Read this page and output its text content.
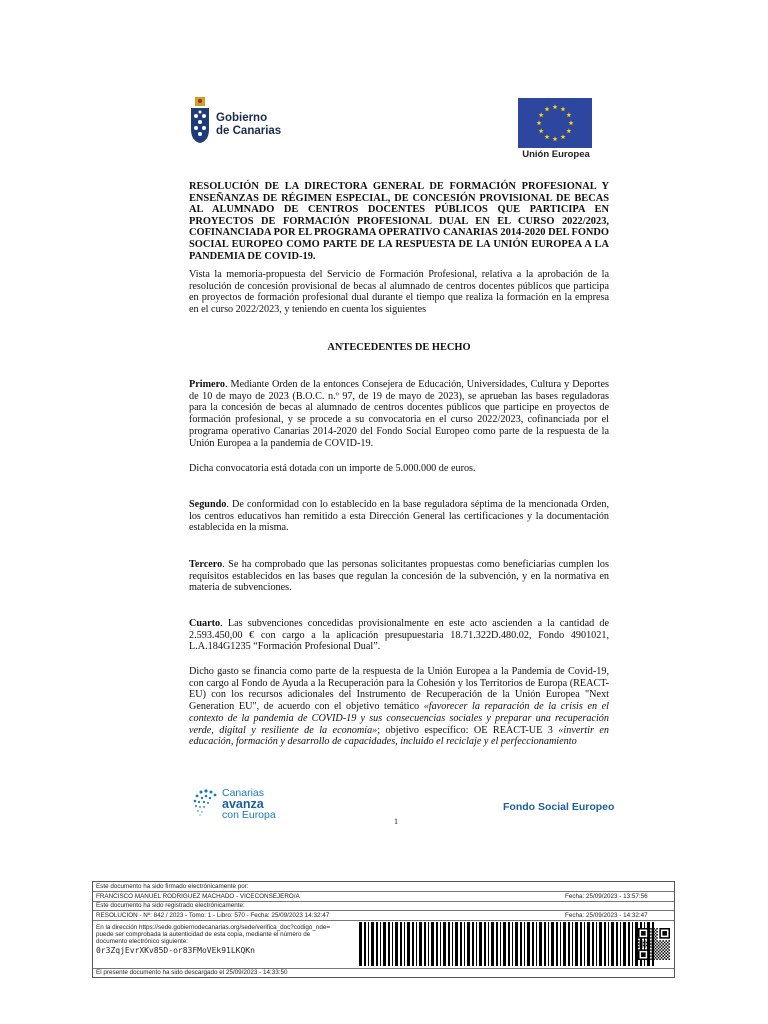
Gobierno
de Canarias
Unión Europea
RESOLUCIÓN DE LA DIRECTORA GENERAL DE FORMACIÓN PROFESIONAL Y ENSEÑANZAS DE RÉGIMEN ESPECIAL, DE CONCESIÓN PROVISIONAL DE BECAS AL ALUMNADO DE CENTROS DOCENTES PÚBLICOS QUE PARTICIPA EN PROYECTOS DE FORMACIÓN PROFESIONAL DUAL EN EL CURSO 2022/2023, COFINANCIADA POR EL PROGRAMA OPERATIVO CANARIAS 2014-2020 DEL FONDO SOCIAL EUROPEO COMO PARTE DE LA RESPUESTA DE LA UNIÓN EUROPEA A LA PANDEMIA DE COVID-19.
Vista la memoria-propuesta del Servicio de Formación Profesional, relativa a la aprobación de la resolución de concesión provisional de becas al alumnado de centros docentes públicos que participa en proyectos de formación profesional dual durante el tiempo que realiza la formación en la empresa en el curso 2022/2023, y teniendo en cuenta los siguientes
ANTECEDENTES DE HECHO
Primero. Mediante Orden de la entonces Consejera de Educación, Universidades, Cultura y Deportes de 10 de mayo de 2023 (B.O.C. n.º 97, de 19 de mayo de 2023), se aprueban las bases reguladoras para la concesión de becas al alumnado de centros docentes públicos que participe en proyectos de formación profesional, y se procede a su convocatoria en el curso 2022/2023, cofinanciada por el programa operativo Canarias 2014-2020 del Fondo Social Europeo como parte de la respuesta de la Unión Europea a la pandemia de COVID-19.
Dicha convocatoria está dotada con un importe de 5.000.000 de euros.
Segundo. De conformidad con lo establecido en la base reguladora séptima de la mencionada Orden, los centros educativos han remitido a esta Dirección General las certificaciones y la documentación establecida en la misma.
Tercero. Se ha comprobado que las personas solicitantes propuestas como beneficiarias cumplen los requisitos establecidos en las bases que regulan la concesión de la subvención, y en la normativa en materia de subvenciones.
Cuarto. Las subvenciones concedidas provisionalmente en este acto ascienden a la cantidad de 2.593.450,00 € con cargo a la aplicación presupuestaria 18.71.322D.480.02, Fondo 4901021, L.A.184G1235 “Formación Profesional Dual”.
Dicho gasto se financia como parte de la respuesta de la Unión Europea a la Pandemia de Covid-19, con cargo al Fondo de Ayuda a la Recuperación para la Cohesión y los Territorios de Europa (REACT-EU) con los recursos adicionales del Instrumento de Recuperación de la Unión Europea "Next Generation EU", de acuerdo con el objetivo temático «favorecer la reparación de la crisis en el contexto de la pandemia de COVID-19 y sus consecuencias sociales y preparar una recuperación verde, digital y resiliente de la economía»; objetivo específico: OE REACT-UE 3 «invertir en educación, formación y desarrollo de capacidades, incluido el reciclaje y el perfeccionamiento
Canarias
avanza
con Europa
Fondo Social Europeo
1
Este documento ha sido firmado electrónicamente por:
FRANCISCO MANUEL RODRIGUEZ MACHADO - VICECONSEJERO/A	Fecha: 25/09/2023 - 13:57:56
Este documento ha sido registrado electrónicamente:
RESOLUCION - Nº: 842 / 2023 - Tomo: 1 - Libro: 570 - Fecha: 25/09/2023 14:32:47	Fecha: 25/09/2023 - 14:32:47
En la dirección https://sede.gobiernodecanarias.org/sede/verifica_doc?codigo_nde=
puede ser comprobada la autenticidad de esta copia, mediante el número de
documento electrónico siguiente:
0r3ZqjEvrXKv85D-or83FMoVEk91LKQKn
El presente documento ha sido descargado el 25/09/2023 - 14:33:50
